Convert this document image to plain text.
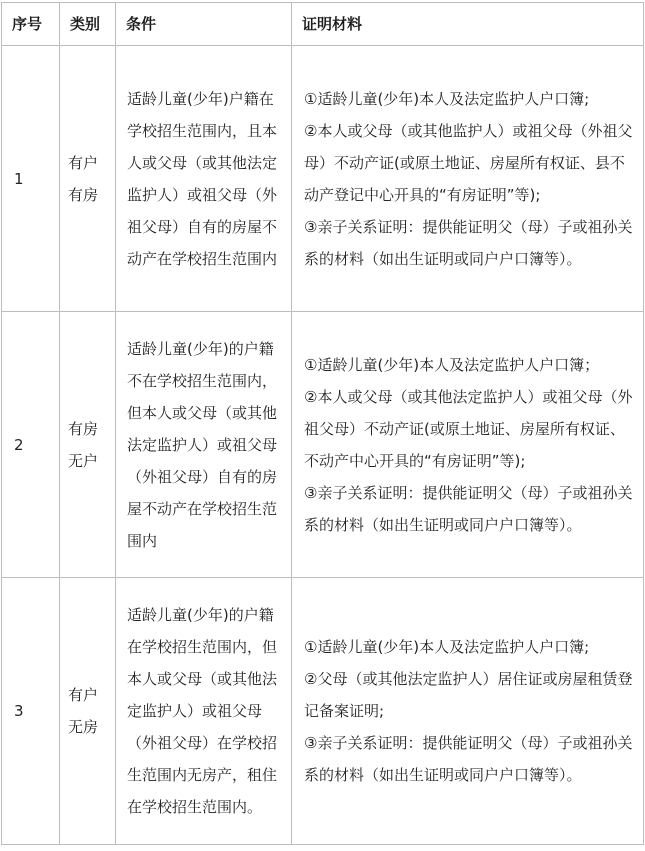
序号	类别	条件	证明材料
1	有户有房	适龄儿童(少年)户籍在学校招生范围内，且本人或父母（或其他法定监护人）或祖父母（外祖父母）自有的房屋不动产在学校招生范围内	①适龄儿童(少年)本人及法定监护人户口簿;
②本人或父母（或其他监护人）或祖父母（外祖父母）不动产证(或原土地证、房屋所有权证、县不动产登记中心开具的“有房证明”等);
③亲子关系证明：提供能证明父（母）子或祖孙关系的材料（如出生证明或同户户口簿等）。

2	有房无户	适龄儿童(少年)的户籍不在学校招生范围内，但本人或父母（或其他法定监护人）或祖父母（外祖父母）自有的房屋不动产在学校招生范围内	①适龄儿童(少年)本人及法定监护人户口簿；
②本人或父母（或其他法定监护人）或祖父母（外祖父母）不动产证(或原土地证、房屋所有权证、不动产中心开具的“有房证明”等);
③亲子关系证明：提供能证明父（母）子或祖孙关系的材料（如出生证明或同户户口簿等）。

3	有户无房	适龄儿童(少年)的户籍在学校招生范围内，但本人或父母（或其他法定监护人）或祖父母（外祖父母）在学校招生范围内无房产，租住在学校招生范围内。	①适龄儿童(少年)本人及法定监护人户口簿;
②父母（或其他法定监护人）居住证或房屋租赁登记备案证明;
③亲子关系证明：提供能证明父（母）子或祖孙关系的材料（如出生证明或同户户口簿等）。
